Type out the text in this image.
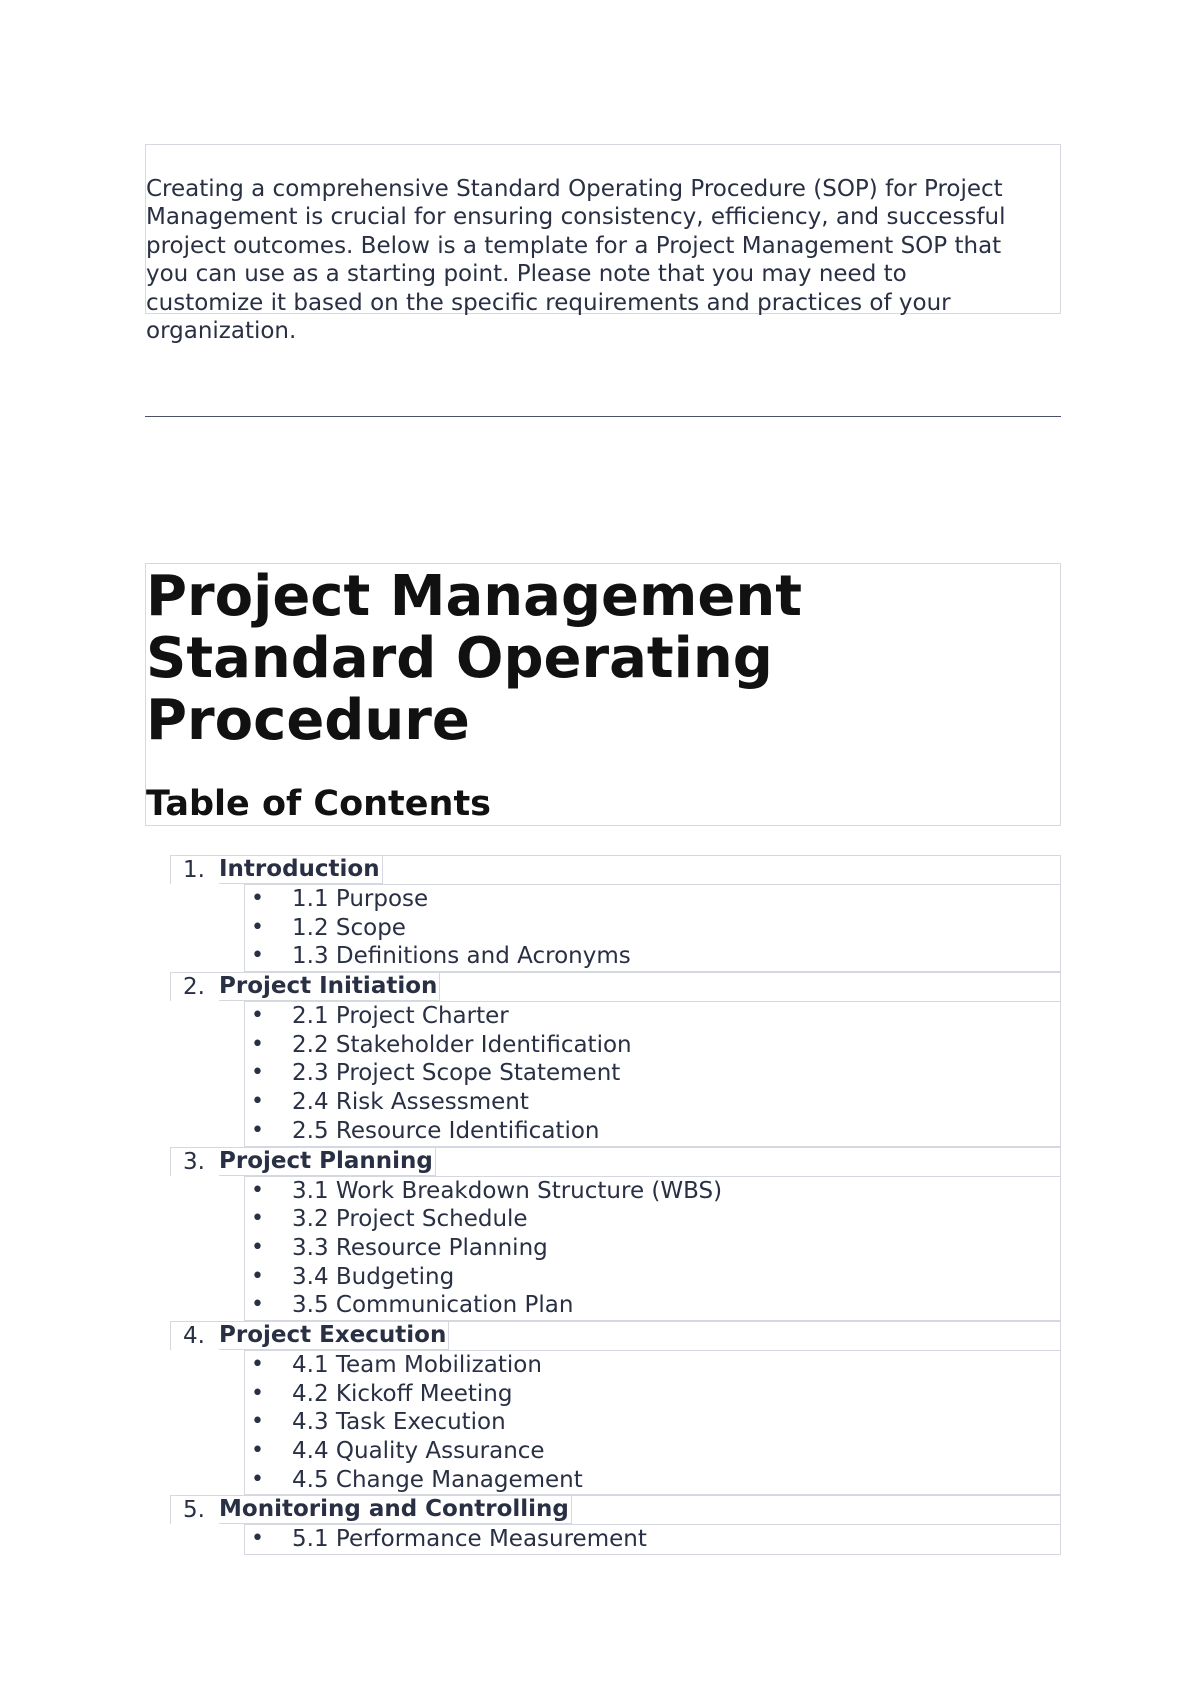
Creating a comprehensive Standard Operating Procedure (SOP) for Project
Management is crucial for ensuring consistency, efficiency, and successful
project outcomes. Below is a template for a Project Management SOP that
you can use as a starting point. Please note that you may need to
customize it based on the specific requirements and practices of your
organization.
Project Management
Standard Operating
Procedure
Table of Contents
1. Introduction
• 1.1 Purpose
• 1.2 Scope
• 1.3 Definitions and Acronyms
2. Project Initiation
• 2.1 Project Charter
• 2.2 Stakeholder Identification
• 2.3 Project Scope Statement
• 2.4 Risk Assessment
• 2.5 Resource Identification
3. Project Planning
• 3.1 Work Breakdown Structure (WBS)
• 3.2 Project Schedule
• 3.3 Resource Planning
• 3.4 Budgeting
• 3.5 Communication Plan
4. Project Execution
• 4.1 Team Mobilization
• 4.2 Kickoff Meeting
• 4.3 Task Execution
• 4.4 Quality Assurance
• 4.5 Change Management
5. Monitoring and Controlling
• 5.1 Performance Measurement
